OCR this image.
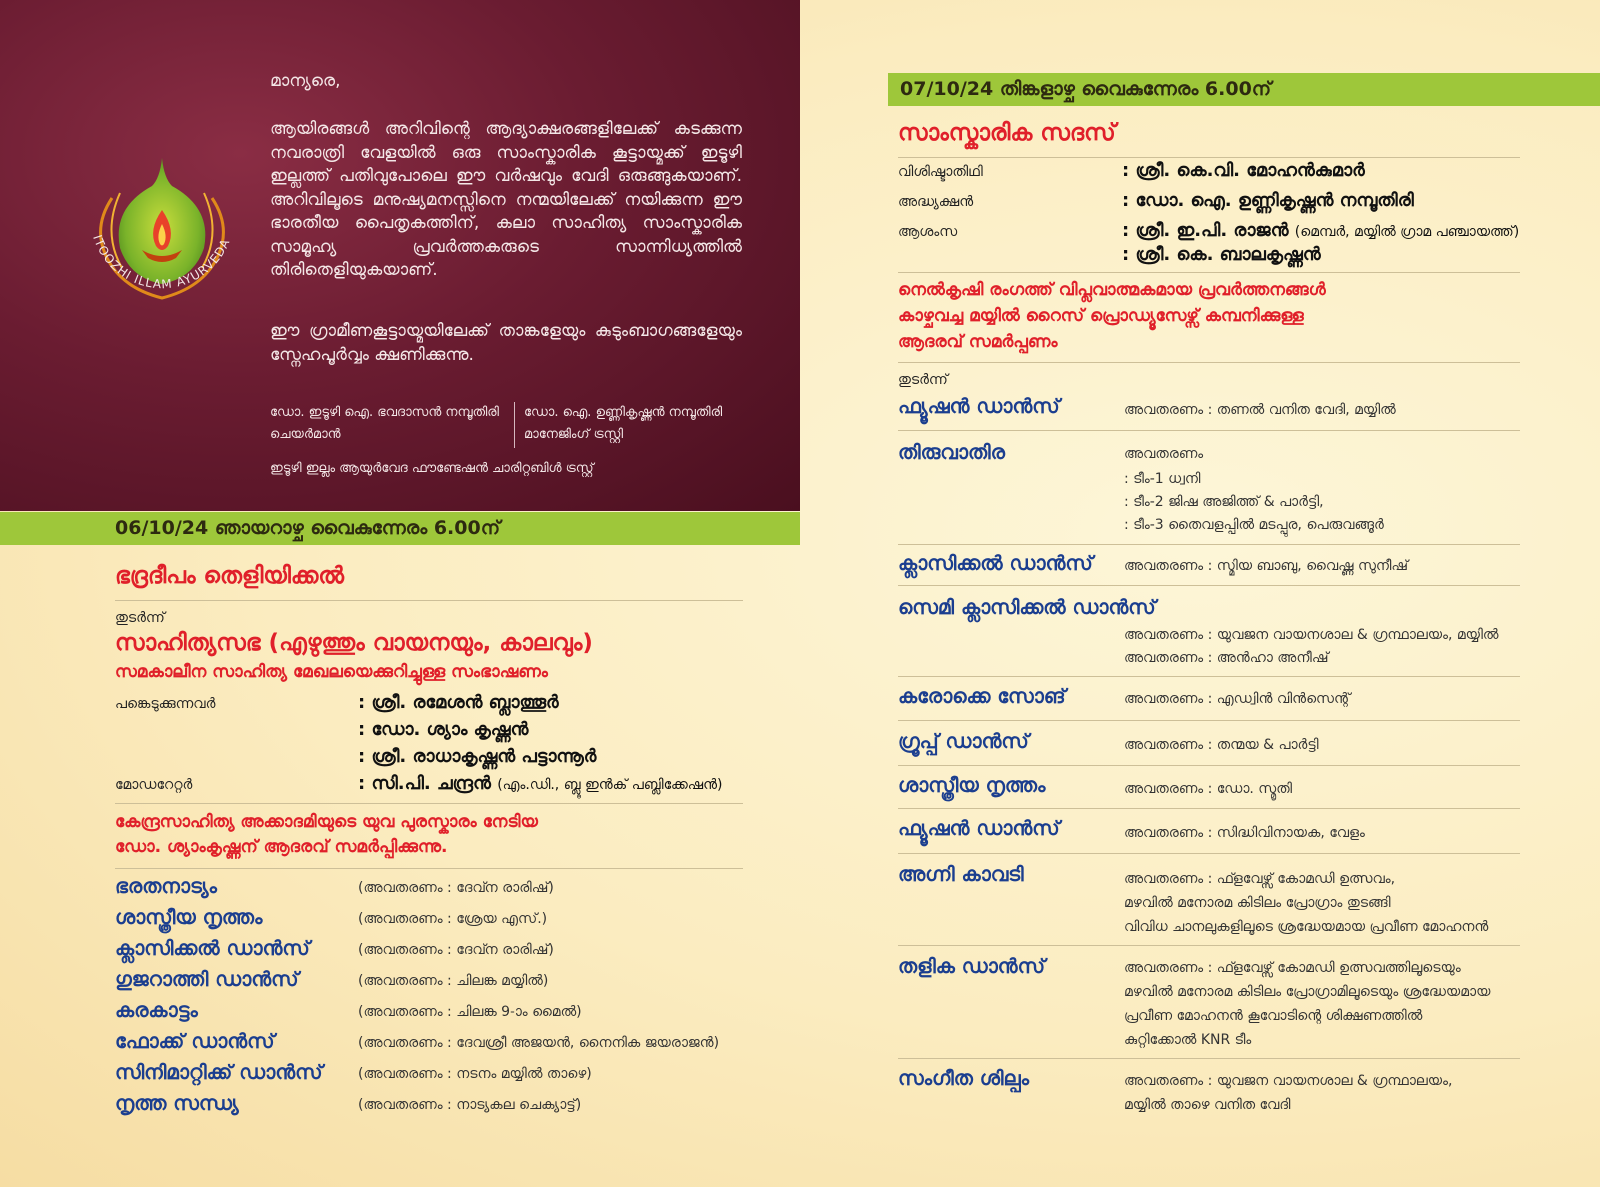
ITOOZHI ILLAM AYURVEDA
മാന്യരെ,
ആയിരങ്ങൾ അറിവിന്റെ ആദ്യാക്ഷരങ്ങളിലേക്ക് കടക്കുന്ന നവരാത്രി വേളയിൽ ഒരു സാംസ്കാരിക കൂട്ടായ്മക്ക് ഇടൂഴി ഇല്ലത്ത് പതിവുപോലെ ഈ വർഷവും വേദി ഒരുങ്ങുകയാണ്. അറിവിലൂടെ മനുഷ്യമനസ്സിനെ നന്മയിലേക്ക് നയിക്കുന്ന ഈ ഭാരതീയ പൈതൃകത്തിന്, കലാ സാഹിത്യ സാംസ്കാരിക സാമൂഹ്യ പ്രവർത്തകരുടെ സാന്നിധ്യത്തിൽ തിരിതെളിയുകയാണ്.
ഈ ഗ്രാമീണകൂട്ടായ്മയിലേക്ക് താങ്കളേയും കുടുംബാഗങ്ങളേയും സ്നേഹപൂർവ്വം ക്ഷണിക്കുന്നു.
ഡോ. ഇടൂഴി ഐ. ഭവദാസൻ നമ്പൂതിരി
ചെയർമാൻ
ഡോ. ഐ. ഉണ്ണികൃഷ്ണൻ നമ്പൂതിരി
മാനേജിംഗ് ട്രസ്റ്റി
ഇടൂഴി ഇല്ലം ആയുർവേദ ഫൗണ്ടേഷൻ ചാരിറ്റബിൾ ട്രസ്റ്റ്
06/10/24 ഞായറാഴ്ച വൈകുന്നേരം 6.00ന്
ഭദ്രദീപം തെളിയിക്കൽ
തുടർന്ന്
സാഹിത്യസഭ (എഴുത്തും വായനയും, കാലവും)
സമകാലീന സാഹിത്യ മേഖലയെക്കുറിച്ചുള്ള സംഭാഷണം
പങ്കെടുക്കുന്നവർ	: ശ്രീ. രമേശൻ ബ്ലാത്തൂർ
: ഡോ. ശ്യാം കൃഷ്ണൻ
: ശ്രീ. രാധാകൃഷ്ണൻ പട്ടാന്നൂർ
മോഡറേറ്റർ	: സി.പി. ചന്ദ്രൻ (എം.ഡി., ബ്ലൂ ഇൻക് പബ്ലിക്കേഷൻ)
കേന്ദ്രസാഹിത്യ അക്കാദമിയുടെ യുവ പുരസ്കാരം നേടിയ
ഡോ. ശ്യാംകൃഷ്ണന് ആദരവ് സമർപ്പിക്കുന്നു.
ഭരതനാട്യം	(അവതരണം : ദേവ്ന രാരിഷ്)
ശാസ്ത്രീയ നൃത്തം	(അവതരണം : ശ്രേയ എസ്.)
ക്ലാസിക്കൽ ഡാൻസ്	(അവതരണം : ദേവ്ന രാരിഷ്)
ഗുജറാത്തി ഡാൻസ്	(അവതരണം : ചിലങ്ക മയ്യിൽ)
കരകാട്ടം	(അവതരണം : ചിലങ്ക 9-ാം മൈൽ)
ഫോക്ക് ഡാൻസ്	(അവതരണം : ദേവശ്രീ അജയൻ, നൈനിക ജയരാജൻ)
സിനിമാറ്റിക്ക് ഡാൻസ്	(അവതരണം : നടനം മയ്യിൽ താഴെ)
നൃത്ത സന്ധ്യ	(അവതരണം : നാട്യകല ചെക്യാട്ട്)
07/10/24 തിങ്കളാഴ്ച വൈകുന്നേരം 6.00ന്
സാംസ്കാരിക സദസ്
വിശിഷ്ടാതിഥി	: ശ്രീ. കെ.വി. മോഹൻകുമാർ
അദ്ധ്യക്ഷൻ	: ഡോ. ഐ. ഉണ്ണികൃഷ്ണൻ നമ്പൂതിരി
ആശംസ	: ശ്രീ. ഇ.പി. രാജൻ (മെമ്പർ, മയ്യിൽ ഗ്രാമ പഞ്ചായത്ത്)
: ശ്രീ. കെ. ബാലകൃഷ്ണൻ
നെൽകൃഷി രംഗത്ത് വിപ്ലവാത്മകമായ പ്രവർത്തനങ്ങൾ
കാഴ്ചവച്ച മയ്യിൽ റൈസ് പ്രൊഡ്യൂസേഴ്സ് കമ്പനിക്കുള്ള
ആദരവ് സമർപ്പണം
തുടർന്ന്
ഫ്യൂഷൻ ഡാൻസ്	അവതരണം : തണൽ വനിത വേദി, മയ്യിൽ
തിരുവാതിര	അവതരണം
: ടീം-1 ധ്വനി
: ടീം-2 ജിഷ അജിത്ത് & പാർട്ടി,
: ടീം-3 തൈവളപ്പിൽ മടപ്പുര, പെരുവങ്ങൂർ
ക്ലാസിക്കൽ ഡാൻസ് അവതരണം : സ്മിയ ബാബു, വൈഷ്ണ സുനീഷ്
സെമി ക്ലാസിക്കൽ ഡാൻസ്
അവതരണം : യുവജന വായനശാല & ഗ്രന്ഥാലയം, മയ്യിൽ
അവതരണം : അൻഹാ അനീഷ്
കരോക്കെ സോങ്	അവതരണം : എഡ്വിൻ വിൻസെന്റ്
ഗ്രൂപ്പ് ഡാൻസ്	അവതരണം : തന്മയ & പാർട്ടി
ശാസ്ത്രീയ നൃത്തം	അവതരണം : ഡോ. സ്മൃതി
ഫ്യൂഷൻ ഡാൻസ്	അവതരണം : സിദ്ധിവിനായക, വേളം
അഗ്നി കാവടി	അവതരണം : ഫ്ളവേഴ്സ് കോമഡി ഉത്സവം,
മഴവിൽ മനോരമ കിടിലം പ്രോഗ്രാം തുടങ്ങി
വിവിധ ചാനലുകളിലൂടെ ശ്രദ്ധേയമായ പ്രവീണ മോഹനൻ
തളിക ഡാൻസ്	അവതരണം : ഫ്ളവേഴ്സ് കോമഡി ഉത്സവത്തിലൂടെയും
മഴവിൽ മനോരമ കിടിലം പ്രോഗ്രാമിലൂടെയും ശ്രദ്ധേയമായ
പ്രവീണ മോഹനൻ കൂവോടിന്റെ ശിക്ഷണത്തിൽ
കുറ്റിക്കോൽ KNR ടീം
സംഗീത ശില്പം	അവതരണം : യുവജന വായനശാല & ഗ്രന്ഥാലയം,
മയ്യിൽ താഴെ വനിത വേദി
